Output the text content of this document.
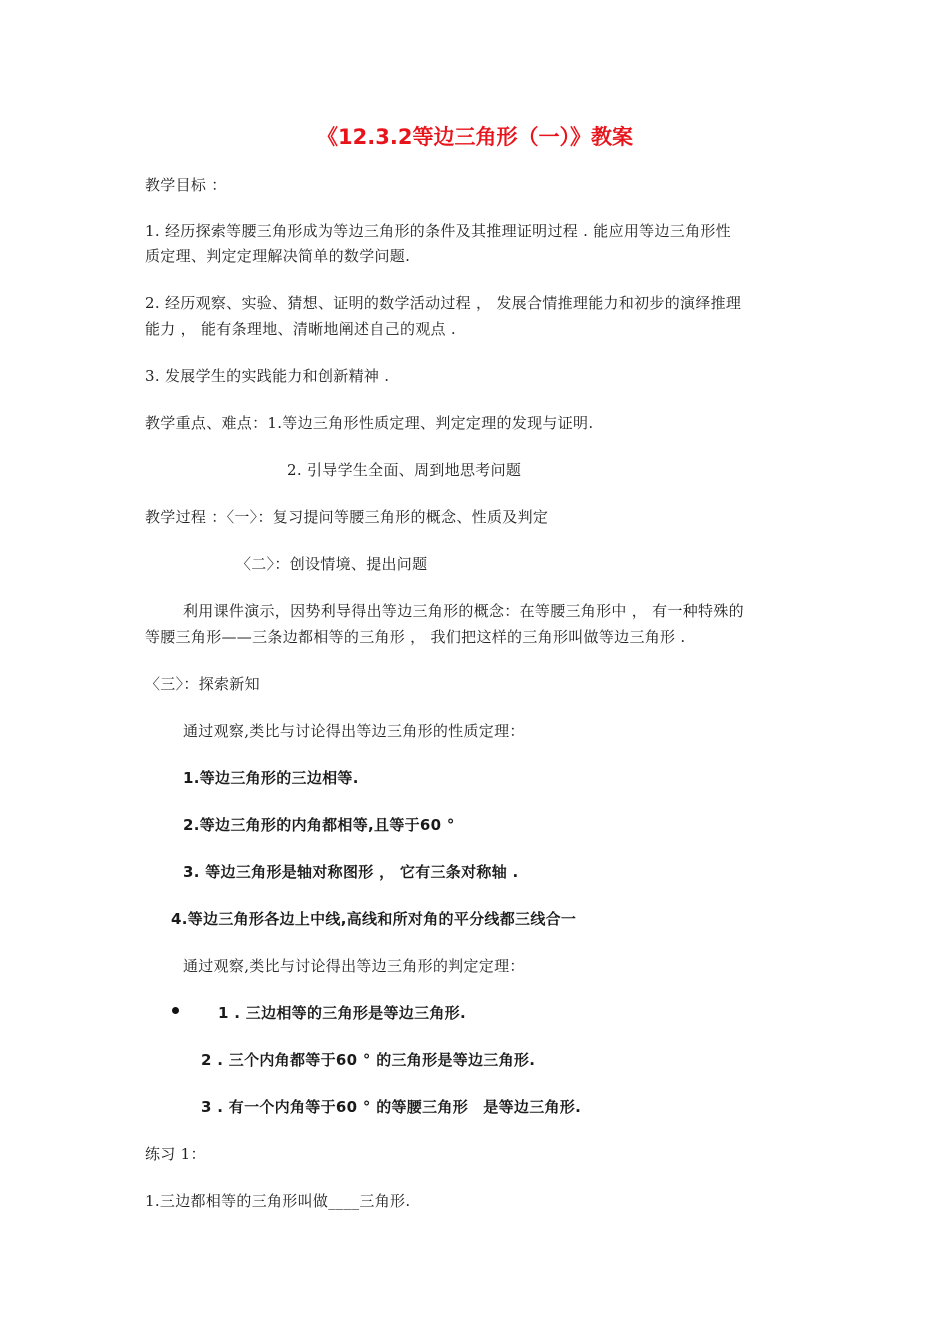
《12.3.2等边三角形（一）》教案
教学目标 ：
1. 经历探索等腰三角形成为等边三角形的条件及其推理证明过程 . 能应用等边三角形性
质定理、判定定理解决简单的数学问题.
2. 经历观察、实验、猜想、证明的数学活动过程 ， 发展合情推理能力和初步的演绎推理
能力 ， 能有条理地、清晰地阐述自己的观点 .
3. 发展学生的实践能力和创新精神 .
教学重点、难点：1.等边三角形性质定理、判定定理的发现与证明.
2. 引导学生全面、周到地思考问题
教学过程 ：〈一〉：复习提问等腰三角形的概念、性质及判定
〈二〉：创设情境、提出问题
利用课件演示，因势利导得出等边三角形的概念：在等腰三角形中 ， 有一种特殊的
等腰三角形——三条边都相等的三角形 ， 我们把这样的三角形叫做等边三角形 .
〈三〉：探索新知
通过观察,类比与讨论得出等边三角形的性质定理：
1.等边三角形的三边相等.
2.等边三角形的内角都相等,且等于60 °
3. 等边三角形是轴对称图形 ， 它有三条对称轴 .
4.等边三角形各边上中线,高线和所对角的平分线都三线合一
通过观察,类比与讨论得出等边三角形的判定定理：
1 . 三边相等的三角形是等边三角形.
2 . 三个内角都等于60 ° 的三角形是等边三角形.
3 . 有一个内角等于60 ° 的等腰三角形　是等边三角形.
练习 1：
1.三边都相等的三角形叫做____三角形.
